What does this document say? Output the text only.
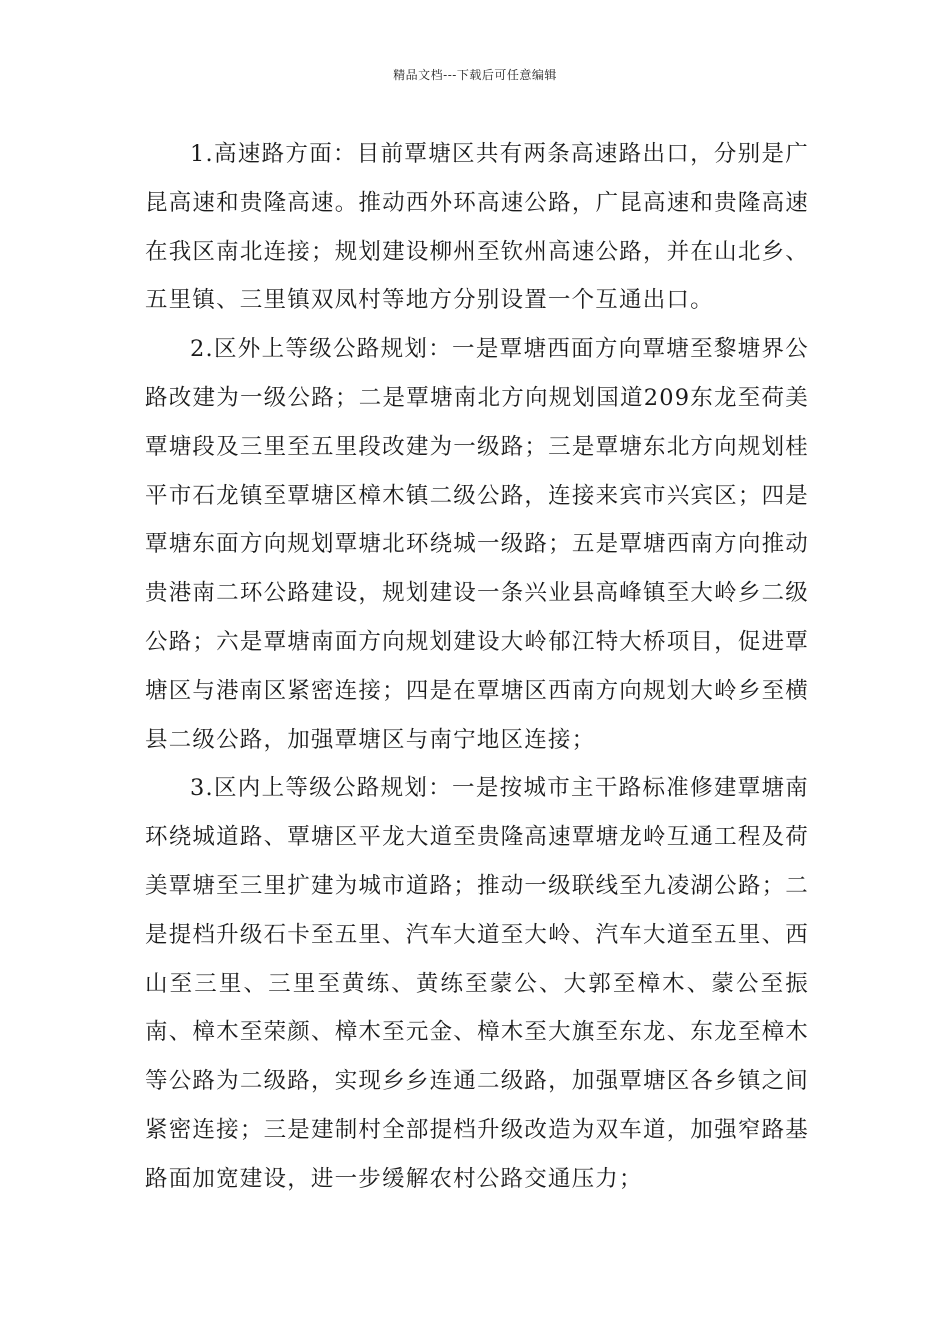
精品文档---下载后可任意编辑

1.高速路方面：目前覃塘区共有两条高速路出口，分别是广昆高速和贵隆高速。推动西外环高速公路，广昆高速和贵隆高速在我区南北连接；规划建设柳州至钦州高速公路，并在山北乡、五里镇、三里镇双凤村等地方分别设置一个互通出口。

2.区外上等级公路规划：一是覃塘西面方向覃塘至黎塘界公路改建为一级公路；二是覃塘南北方向规划国道209东龙至荷美覃塘段及三里至五里段改建为一级路；三是覃塘东北方向规划桂平市石龙镇至覃塘区樟木镇二级公路，连接来宾市兴宾区；四是覃塘东面方向规划覃塘北环绕城一级路；五是覃塘西南方向推动贵港南二环公路建设，规划建设一条兴业县高峰镇至大岭乡二级公路；六是覃塘南面方向规划建设大岭郁江特大桥项目，促进覃塘区与港南区紧密连接；四是在覃塘区西南方向规划大岭乡至横县二级公路，加强覃塘区与南宁地区连接；

3.区内上等级公路规划：一是按城市主干路标准修建覃塘南环绕城道路、覃塘区平龙大道至贵隆高速覃塘龙岭互通工程及荷美覃塘至三里扩建为城市道路；推动一级联线至九凌湖公路；二是提档升级石卡至五里、汽车大道至大岭、汽车大道至五里、西山至三里、三里至黄练、黄练至蒙公、大郭至樟木、蒙公至振南、樟木至荣颜、樟木至元金、樟木至大旗至东龙、东龙至樟木等公路为二级路，实现乡乡连通二级路，加强覃塘区各乡镇之间紧密连接；三是建制村全部提档升级改造为双车道，加强窄路基路面加宽建设，进一步缓解农村公路交通压力；
